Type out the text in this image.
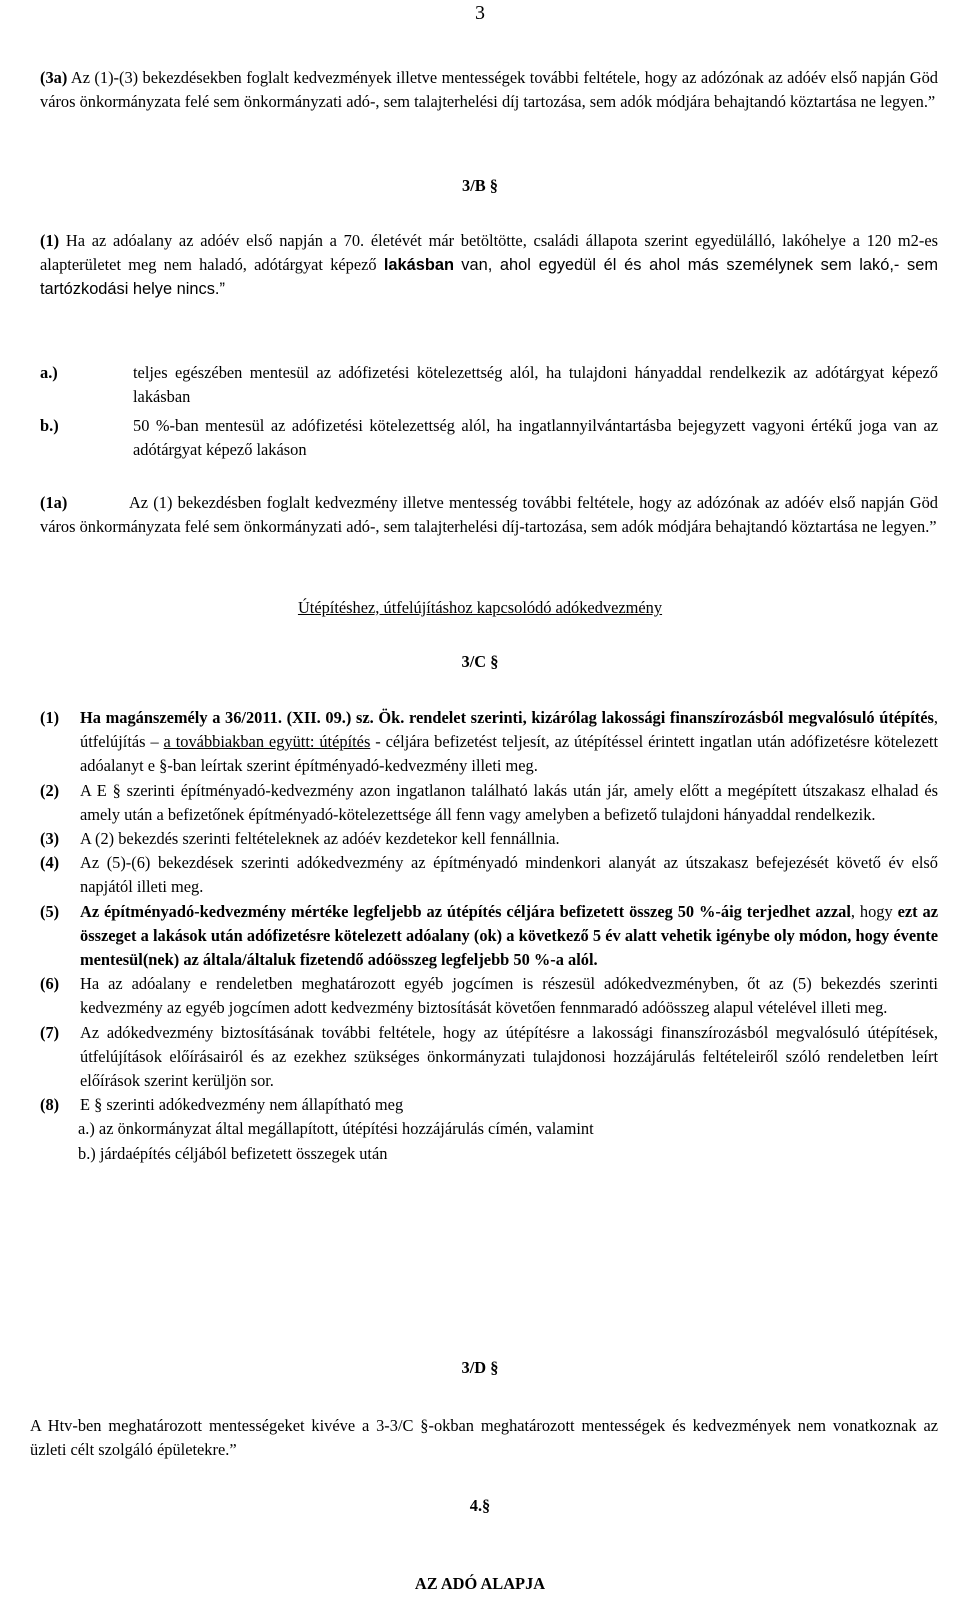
3
(3a) Az (1)-(3) bekezdésekben foglalt kedvezmények illetve mentességek további feltétele, hogy az adózónak az adóév első napján Göd város önkormányzata felé sem önkormányzati adó-, sem talajterhelési díj tartozása, sem adók módjára behajtandó köztartása ne legyen.”
3/B §
(1) Ha az adóalany az adóév első napján a 70. életévét már betöltötte, családi állapota szerint egyedülálló, lakóhelye a 120 m2-es alapterületet meg nem haladó, adótárgyat képező lakásban van, ahol egyedül él és ahol más személynek sem lakó,- sem tartózkodási helye nincs.”
a.)	teljes egészében mentesül az adófizetési kötelezettség alól, ha tulajdoni hányaddal rendelkezik az adótárgyat képező lakásban
b.)	50 %-ban mentesül az adófizetési kötelezettség alól, ha ingatlannyilvántartásba bejegyzett vagyoni értékű joga van az adótárgyat képező lakáson
(1a)	Az (1) bekezdésben foglalt kedvezmény illetve mentesség további feltétele, hogy az adózónak az adóév első napján Göd város önkormányzata felé sem önkormányzati adó-, sem talajterhelési díj-tartozása, sem adók módjára behajtandó köztartása ne legyen.”
Útépítéshez, útfelújításhoz kapcsolódó adókedvezmény
3/C §
(1)	Ha magánszemély a 36/2011. (XII. 09.) sz. Ök. rendelet szerinti, kizárólag lakossági finanszírozásból megvalósuló útépítés, útfelújítás – a továbbiakban együtt: útépítés - céljára befizetést teljesít, az útépítéssel érintett ingatlan után adófizetésre kötelezett adóalanyt e §-ban leírtak szerint építményadó-kedvezmény illeti meg.
(2)	A E § szerinti építményadó-kedvezmény azon ingatlanon található lakás után jár, amely előtt a megépített útszakasz elhalad és amely után a befizetőnek építményadó-kötelezettsége áll fenn vagy amelyben a befizető tulajdoni hányaddal rendelkezik.
(3)	A (2) bekezdés szerinti feltételeknek az adóév kezdetekor kell fennállnia.
(4)	Az (5)-(6) bekezdések szerinti adókedvezmény az építményadó mindenkori alanyát az útszakasz befejezését követő év első napjától illeti meg.
(5)	Az építményadó-kedvezmény mértéke legfeljebb az útépítés céljára befizetett összeg 50 %-áig terjedhet azzal, hogy ezt az összeget a lakások után adófizetésre kötelezett adóalany (ok) a következő 5 év alatt vehetik igénybe oly módon, hogy évente mentesül(nek) az általa/általuk fizetendő adóösszeg legfeljebb 50 %-a alól.
(6)	Ha az adóalany e rendeletben meghatározott egyéb jogcímen is részesül adókedvezményben, őt az (5) bekezdés szerinti kedvezmény az egyéb jogcímen adott kedvezmény biztosítását követően fennmaradó adóösszeg alapul vételével illeti meg.
(7)	Az adókedvezmény biztosításának további feltétele, hogy az útépítésre a lakossági finanszírozásból megvalósuló útépítések, útfelújítások előírásairól és az ezekhez szükséges önkormányzati tulajdonosi hozzájárulás feltételeiről szóló rendeletben leírt előírások szerint kerüljön sor.
(8)	E § szerinti adókedvezmény nem állapítható meg
a.) az önkormányzat által megállapított, útépítési hozzájárulás címén, valamint
b.) járdaépítés céljából befizetett összegek után
3/D §
A Htv-ben meghatározott mentességeket kivéve a 3-3/C §-okban meghatározott mentességek és kedvezmények nem vonatkoznak az üzleti célt szolgáló épületekre.”
4.§
AZ ADÓ ALAPJA
